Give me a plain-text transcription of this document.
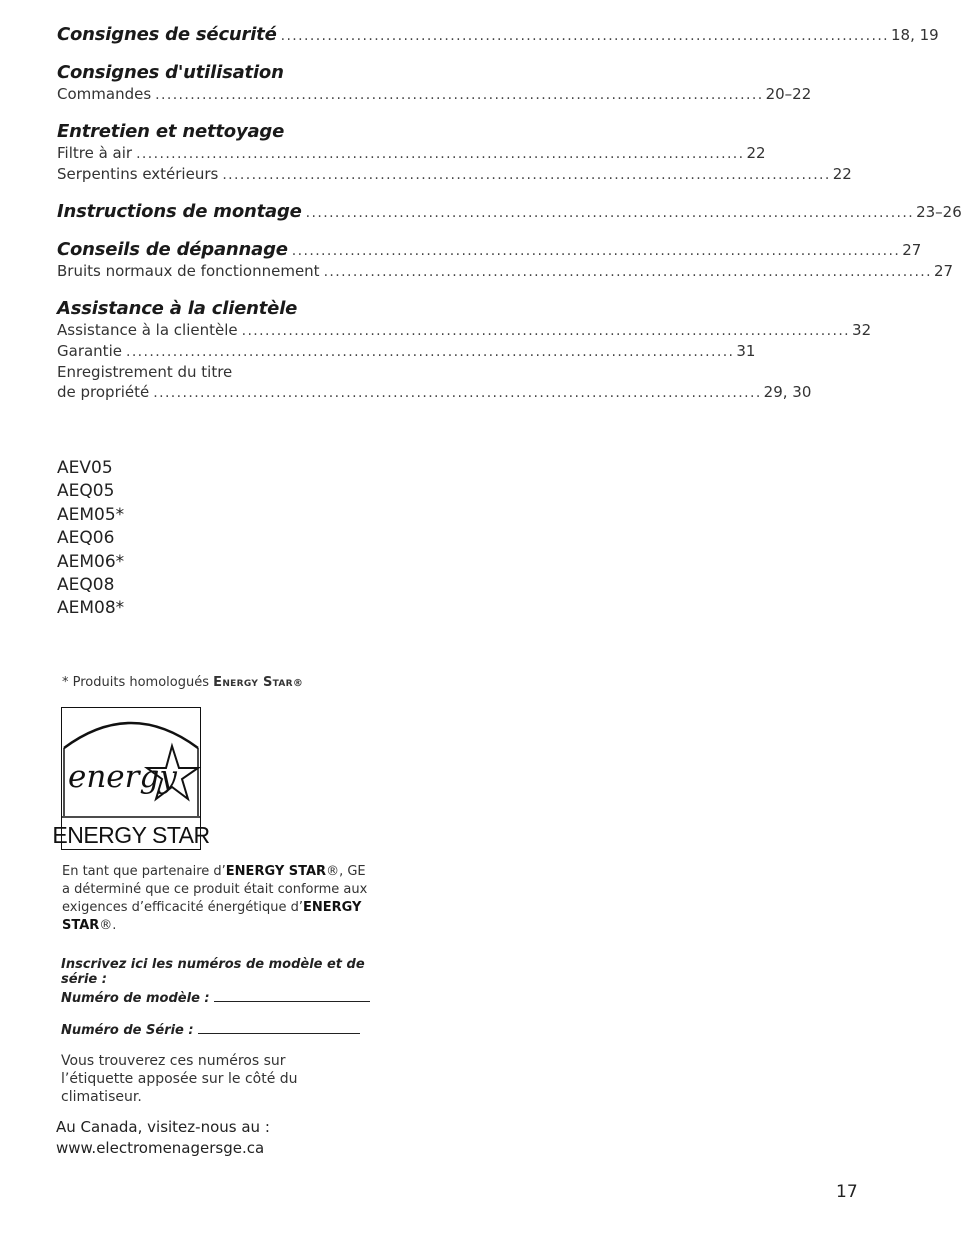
Consignes de sécurité ........................................................................................................ 18, 19
Consignes d'utilisation
Commandes ........................................................................................................ 20–22
Entretien et nettoyage
Filtre à air ........................................................................................................ 22
Serpentins extérieurs ........................................................................................................ 22
Instructions de montage ........................................................................................................ 23–26
Conseils de dépannage ........................................................................................................ 27
Bruits normaux de fonctionnement ........................................................................................................ 27
Assistance à la clientèle
Assistance à la clientèle ........................................................................................................ 32
Garantie ........................................................................................................ 31
Enregistrement du titre
de propriété ........................................................................................................ 29, 30
AEV05
AEQ05
AEM05*
AEQ06
AEM06*
AEQ08
AEM08*
* Produits homologués Energy Star®
energy
ENERGY STAR
En tant que partenaire d’ENERGY STAR®, GE a déterminé que ce produit était conforme aux exigences d’efficacité énergétique d’ENERGY STAR®.
Inscrivez ici les numéros de modèle et de série :
Numéro de modèle :
Numéro de Série :
Vous trouverez ces numéros sur l’étiquette apposée sur le côté du climatiseur.
Au Canada, visitez-nous au :
www.electromenagersge.ca
17
